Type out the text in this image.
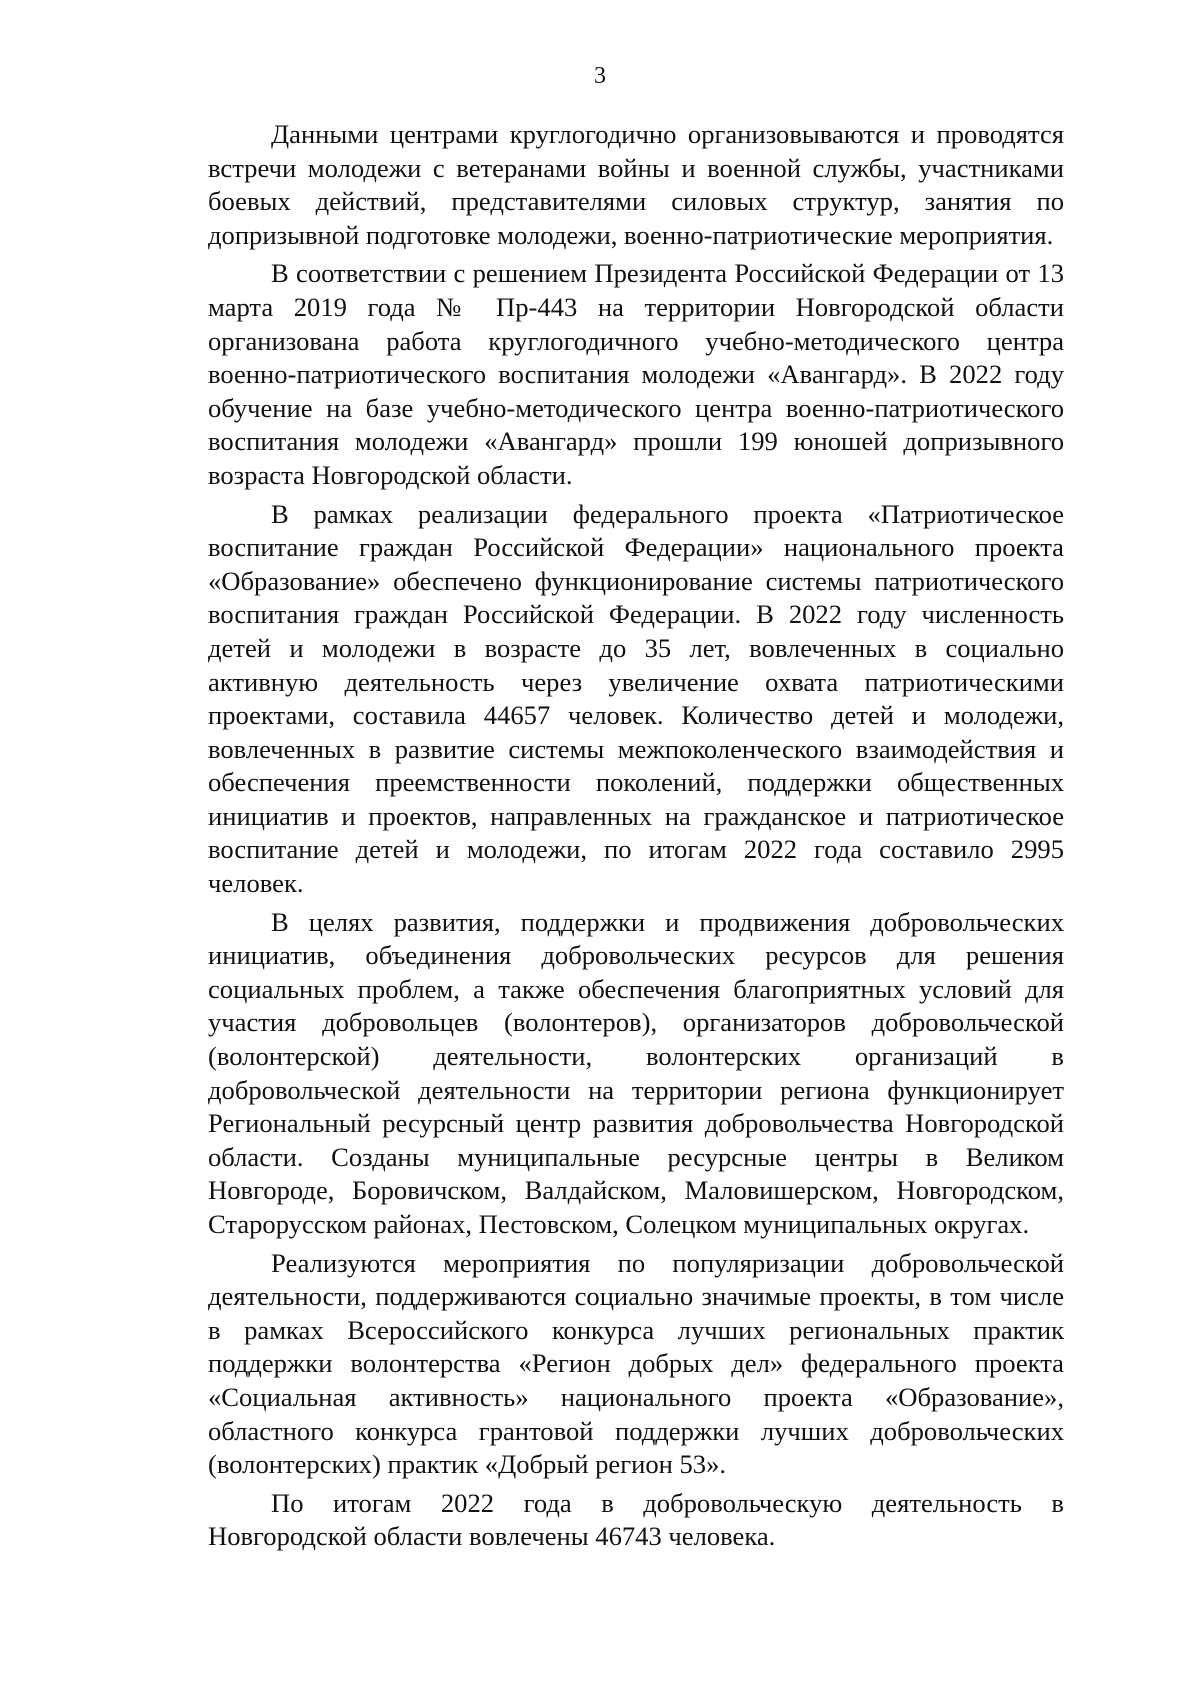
3

Данными центрами круглогодично организовываются и проводятся встречи молодежи с ветеранами войны и военной службы, участниками боевых действий, представителями силовых структур, занятия по допризывной подготовке молодежи, военно-патриотические мероприятия.

В соответствии с решением Президента Российской Федерации от 13 марта 2019 года № Пр-443 на территории Новгородской области организована работа круглогодичного учебно-методического центра военно-патриотического воспитания молодежи «Авангард». В 2022 году обучение на базе учебно-методического центра военно-патриотического воспитания молодежи «Авангард» прошли 199 юношей допризывного возраста Новгородской области.

В рамках реализации федерального проекта «Патриотическое воспитание граждан Российской Федерации» национального проекта «Образование» обеспечено функционирование системы патриотического воспитания граждан Российской Федерации. В 2022 году численность детей и молодежи в возрасте до 35 лет, вовлеченных в социально активную деятельность через увеличение охвата патриотическими проектами, составила 44657 человек. Количество детей и молодежи, вовлеченных в развитие системы межпоколенческого взаимодействия и обеспечения преемственности поколений, поддержки общественных инициатив и проектов, направленных на гражданское и патриотическое воспитание детей и молодежи, по итогам 2022 года составило 2995 человек.

В целях развития, поддержки и продвижения добровольческих инициатив, объединения добровольческих ресурсов для решения социальных проблем, а также обеспечения благоприятных условий для участия добровольцев (волонтеров), организаторов добровольческой (волонтерской) деятельности, волонтерских организаций в добровольческой деятельности на территории региона функционирует Региональный ресурсный центр развития добровольчества Новгородской области. Созданы муниципальные ресурсные центры в Великом Новгороде, Боровичском, Валдайском, Маловишерском, Новгородском, Старорусском районах, Пестовском, Солецком муниципальных округах.

Реализуются мероприятия по популяризации добровольческой деятельности, поддерживаются социально значимые проекты, в том числе в рамках Всероссийского конкурса лучших региональных практик поддержки волонтерства «Регион добрых дел» федерального проекта «Социальная активность» национального проекта «Образование», областного конкурса грантовой поддержки лучших добровольческих (волонтерских) практик «Добрый регион 53».

По итогам 2022 года в добровольческую деятельность в Новгородской области вовлечены 46743 человека.
